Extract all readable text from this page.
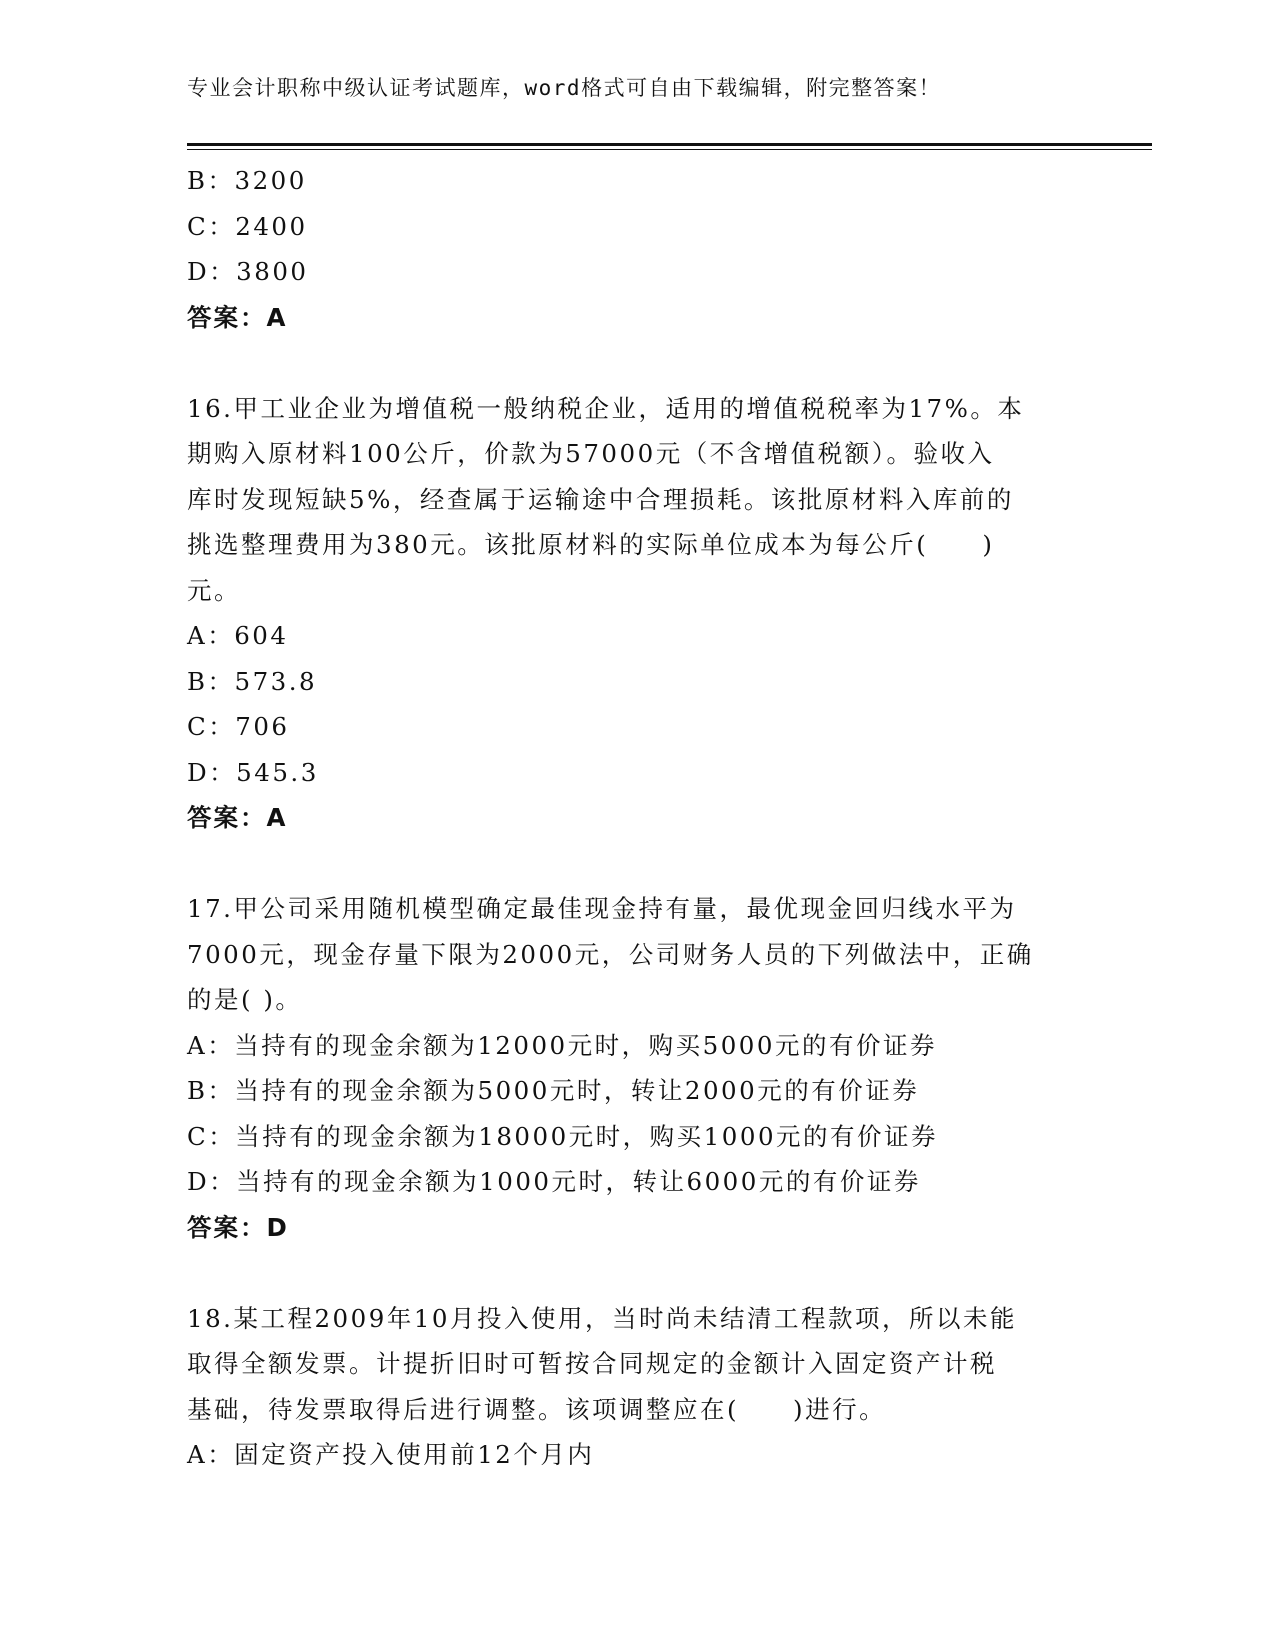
专业会计职称中级认证考试题库，word格式可自由下载编辑，附完整答案！
B：3200
C：2400
D：3800
答案：A
16.甲工业企业为增值税一般纳税企业，适用的增值税税率为17%。本
期购入原材料100公斤，价款为57000元（不含增值税额）。验收入
库时发现短缺5%，经查属于运输途中合理损耗。该批原材料入库前的
挑选整理费用为380元。该批原材料的实际单位成本为每公斤(　　)
元。
A：604
B：573.8
C：706
D：545.3
答案：A
17.甲公司采用随机模型确定最佳现金持有量，最优现金回归线水平为
7000元，现金存量下限为2000元，公司财务人员的下列做法中，正确
的是( )。
A：当持有的现金余额为12000元时，购买5000元的有价证券
B：当持有的现金余额为5000元时，转让2000元的有价证券
C：当持有的现金余额为18000元时，购买1000元的有价证券
D：当持有的现金余额为1000元时，转让6000元的有价证券
答案：D
18.某工程2009年10月投入使用，当时尚未结清工程款项，所以未能
取得全额发票。计提折旧时可暂按合同规定的金额计入固定资产计税
基础，待发票取得后进行调整。该项调整应在(　　)进行。
A：固定资产投入使用前12个月内
